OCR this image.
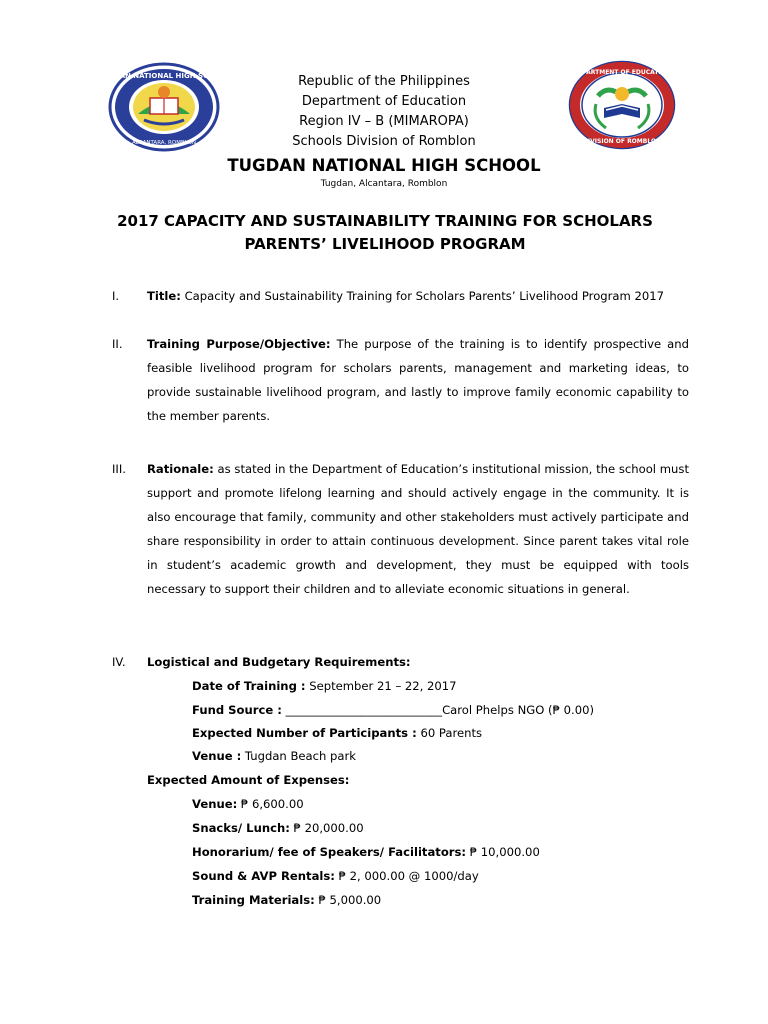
TUGDAN NATIONAL HIGH SCHOOL
ALCANTARA, ROMBLON
DEPARTMENT OF EDUCATION
DIVISION OF ROMBLON
Republic of the Philippines
Department of Education
Region IV – B (MIMAROPA)
Schools Division of Romblon
TUGDAN NATIONAL HIGH SCHOOL
Tugdan, Alcantara, Romblon
2017 CAPACITY AND SUSTAINABILITY TRAINING FOR SCHOLARS
PARENTS’ LIVELIHOOD PROGRAM
I. Title: Capacity and Sustainability Training for Scholars Parents’ Livelihood Program 2017
II. Training Purpose/Objective: The purpose of the training is to identify prospective and feasible livelihood program for scholars parents, management and marketing ideas, to provide sustainable livelihood program, and lastly to improve family economic capability to the member parents.
III. Rationale: as stated in the Department of Education’s institutional mission, the school must support and promote lifelong learning and should actively engage in the community. It is also encourage that family, community and other stakeholders must actively participate and share responsibility in order to attain continuous development. Since parent takes vital role in student’s academic growth and development, they must be equipped with tools necessary to support their children and to alleviate economic situations in general.
IV. Logistical and Budgetary Requirements:
Date of Training : September 21 – 22, 2017
Fund Source : ___________________________Carol Phelps NGO (₱ 0.00)
Expected Number of Participants : 60 Parents
Venue : Tugdan Beach park
Expected Amount of Expenses:
Venue: ₱ 6,600.00
Snacks/ Lunch: ₱ 20,000.00
Honorarium/ fee of Speakers/ Facilitators: ₱ 10,000.00
Sound & AVP Rentals: ₱ 2, 000.00 @ 1000/day
Training Materials: ₱ 5,000.00
